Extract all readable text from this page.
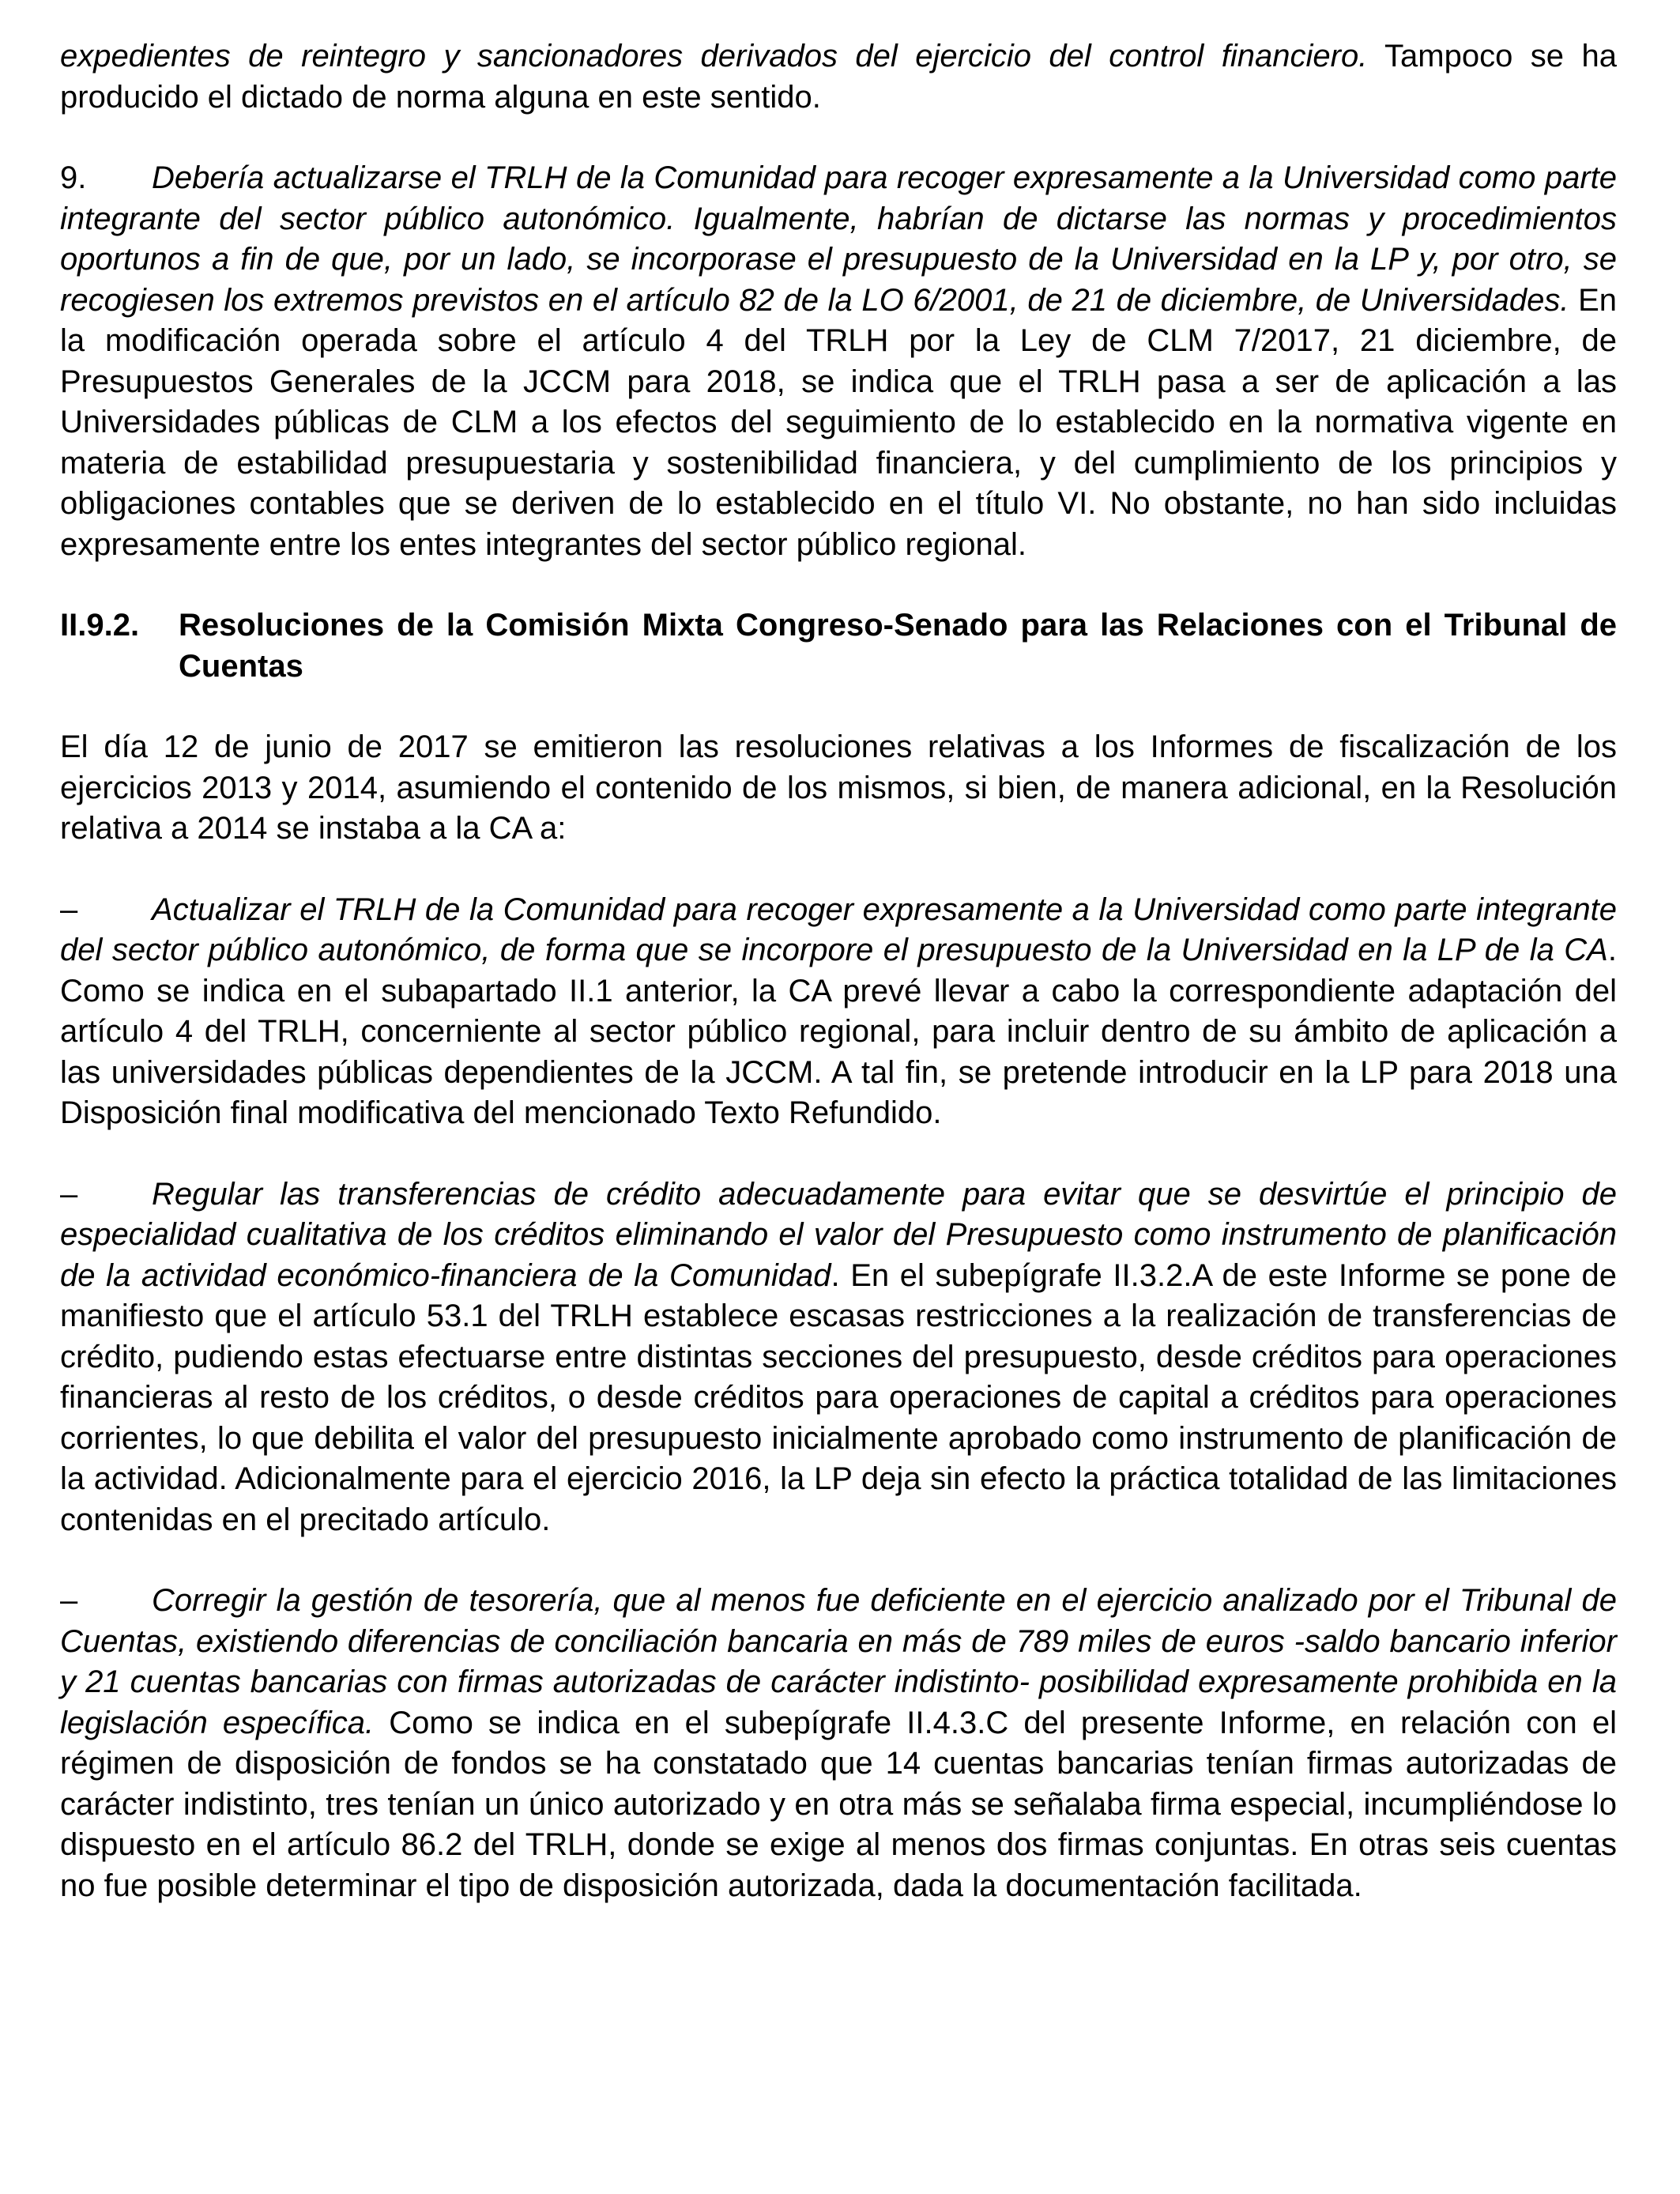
expedientes de reintegro y sancionadores derivados del ejercicio del control financiero. Tampoco se ha producido el dictado de norma alguna en este sentido.

9. Debería actualizarse el TRLH de la Comunidad para recoger expresamente a la Universidad como parte integrante del sector público autonómico. Igualmente, habrían de dictarse las normas y procedimientos oportunos a fin de que, por un lado, se incorporase el presupuesto de la Universidad en la LP y, por otro, se recogiesen los extremos previstos en el artículo 82 de la LO 6/2001, de 21 de diciembre, de Universidades. En la modificación operada sobre el artículo 4 del TRLH por la Ley de CLM 7/2017, 21 diciembre, de Presupuestos Generales de la JCCM para 2018, se indica que el TRLH pasa a ser de aplicación a las Universidades públicas de CLM a los efectos del seguimiento de lo establecido en la normativa vigente en materia de estabilidad presupuestaria y sostenibilidad financiera, y del cumplimiento de los principios y obligaciones contables que se deriven de lo establecido en el título VI. No obstante, no han sido incluidas expresamente entre los entes integrantes del sector público regional.

II.9.2.	Resoluciones de la Comisión Mixta Congreso-Senado para las Relaciones con el Tribunal de Cuentas

El día 12 de junio de 2017 se emitieron las resoluciones relativas a los Informes de fiscalización de los ejercicios 2013 y 2014, asumiendo el contenido de los mismos, si bien, de manera adicional, en la Resolución relativa a 2014 se instaba a la CA a:

– Actualizar el TRLH de la Comunidad para recoger expresamente a la Universidad como parte integrante del sector público autonómico, de forma que se incorpore el presupuesto de la Universidad en la LP de la CA. Como se indica en el subapartado II.1 anterior, la CA prevé llevar a cabo la correspondiente adaptación del artículo 4 del TRLH, concerniente al sector público regional, para incluir dentro de su ámbito de aplicación a las universidades públicas dependientes de la JCCM. A tal fin, se pretende introducir en la LP para 2018 una Disposición final modificativa del mencionado Texto Refundido.

– Regular las transferencias de crédito adecuadamente para evitar que se desvirtúe el principio de especialidad cualitativa de los créditos eliminando el valor del Presupuesto como instrumento de planificación de la actividad económico-financiera de la Comunidad. En el subepígrafe II.3.2.A de este Informe se pone de manifiesto que el artículo 53.1 del TRLH establece escasas restricciones a la realización de transferencias de crédito, pudiendo estas efectuarse entre distintas secciones del presupuesto, desde créditos para operaciones financieras al resto de los créditos, o desde créditos para operaciones de capital a créditos para operaciones corrientes, lo que debilita el valor del presupuesto inicialmente aprobado como instrumento de planificación de la actividad. Adicionalmente para el ejercicio 2016, la LP deja sin efecto la práctica totalidad de las limitaciones contenidas en el precitado artículo.

– Corregir la gestión de tesorería, que al menos fue deficiente en el ejercicio analizado por el Tribunal de Cuentas, existiendo diferencias de conciliación bancaria en más de 789 miles de euros -saldo bancario inferior y 21 cuentas bancarias con firmas autorizadas de carácter indistinto- posibilidad expresamente prohibida en la legislación específica. Como se indica en el subepígrafe II.4.3.C del presente Informe, en relación con el régimen de disposición de fondos se ha constatado que 14 cuentas bancarias tenían firmas autorizadas de carácter indistinto, tres tenían un único autorizado y en otra más se señalaba firma especial, incumpliéndose lo dispuesto en el artículo 86.2 del TRLH, donde se exige al menos dos firmas conjuntas. En otras seis cuentas no fue posible determinar el tipo de disposición autorizada, dada la documentación facilitada.
